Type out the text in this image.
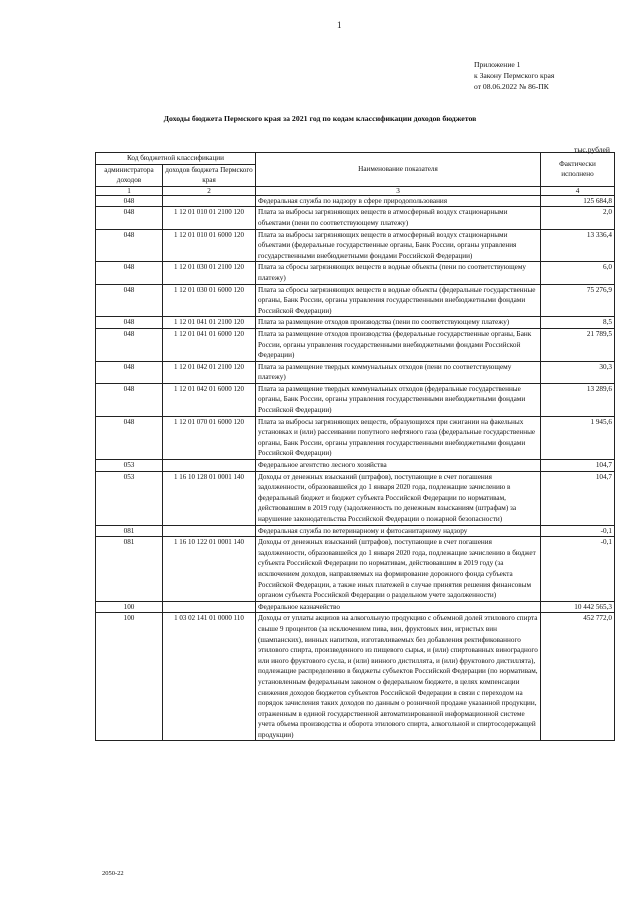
1
Приложение 1
к Закону Пермского края
от 08.06.2022 № 86-ПК
Доходы бюджета Пермского края за 2021 год по кодам классификации доходов бюджетов
тыс.рублей
Код бюджетной классификации		Наименование показателя	Фактически исполнено
администратора доходов	доходов бюджета Пермского края		
1	2	3	4
048		Федеральная служба по надзору в сфере природопользования	125 684,8
048	1 12 01 010 01 2100 120	Плата за выбросы загрязняющих веществ в атмосферный воздух стационарными объектами (пени по соответствующему платежу)	2,0
048	1 12 01 010 01 6000 120	Плата за выбросы загрязняющих веществ в атмосферный воздух стационарными объектами (федеральные государственные органы, Банк России, органы управления государственными внебюджетными фондами Российской Федерации)	13 336,4
048	1 12 01 030 01 2100 120	Плата за сбросы загрязняющих веществ в водные объекты (пени по соответствующему платежу)	6,0
048	1 12 01 030 01 6000 120	Плата за сбросы загрязняющих веществ в водные объекты (федеральные государственные органы, Банк России, органы управления государственными внебюджетными фондами Российской Федерации)	75 276,9
048	1 12 01 041 01 2100 120	Плата за размещение отходов производства (пени по соответствующему платежу)	8,5
048	1 12 01 041 01 6000 120	Плата за размещение отходов производства (федеральные государственные органы, Банк России, органы управления государственными внебюджетными фондами Российской Федерации)	21 789,5
048	1 12 01 042 01 2100 120	Плата за размещение твердых коммунальных отходов (пени по соответствующему платежу)	30,3
048	1 12 01 042 01 6000 120	Плата за размещение твердых коммунальных отходов (федеральные государственные органы, Банк России, органы управления государственными внебюджетными фондами Российской Федерации)	13 289,6
048	1 12 01 070 01 6000 120	Плата за выбросы загрязняющих веществ, образующихся при сжигании на факельных установках и (или) рассеивании попутного нефтяного газа (федеральные государственные органы, Банк России, органы управления государственными внебюджетными фондами Российской Федерации)	1 945,6
053		Федеральное агентство лесного хозяйства	104,7
053	1 16 10 128 01 0001 140	Доходы от денежных взысканий (штрафов), поступающие в счет погашения задолженности, образовавшейся до 1 января 2020 года, подлежащие зачислению в федеральный бюджет и бюджет субъекта Российской Федерации по нормативам, действовавшим в 2019 году (задолженность по денежным взысканиям (штрафам) за нарушение законодательства Российской Федерации о пожарной безопасности)	104,7
081		Федеральная служба по ветеринарному и фитосанитарному надзору	-0,1
081	1 16 10 122 01 0001 140	Доходы от денежных взысканий (штрафов), поступающие в счет погашения задолженности, образовавшейся до 1 января 2020 года, подлежащие зачислению в бюджет субъекта Российской Федерации по нормативам, действовавшим в 2019 году (за исключением доходов, направляемых на формирование дорожного фонда субъекта Российской Федерации, а также иных платежей в случае принятия решения финансовым органом субъекта Российской Федерации о раздельном учете задолженности)	-0,1
100		Федеральное казначейство	10 442 565,3
100	1 03 02 141 01 0000 110	Доходы от уплаты акцизов на алкогольную продукцию с объемной долей этилового спирта свыше 9 процентов (за исключением пива, вин, фруктовых вин, игристых вин (шампанских), винных напитков, изготавливаемых без добавления ректификованного этилового спирта, произведенного из пищевого сырья, и (или) спиртованных виноградного или иного фруктового сусла, и (или) винного дистиллята, и (или) фруктового дистиллята), подлежащие распределению в бюджеты субъектов Российской Федерации (по нормативам, установленным федеральным законом о федеральном бюджете, в целях компенсации снижения доходов бюджетов субъектов Российской Федерации в связи с переходом на порядок зачисления таких доходов по данным о розничной продаже указанной продукции, отраженным в единой государственной автоматизированной информационной системе учета объема производства и оборота этилового спирта, алкогольной и спиртосодержащей продукции)	452 772,0
2050-22
